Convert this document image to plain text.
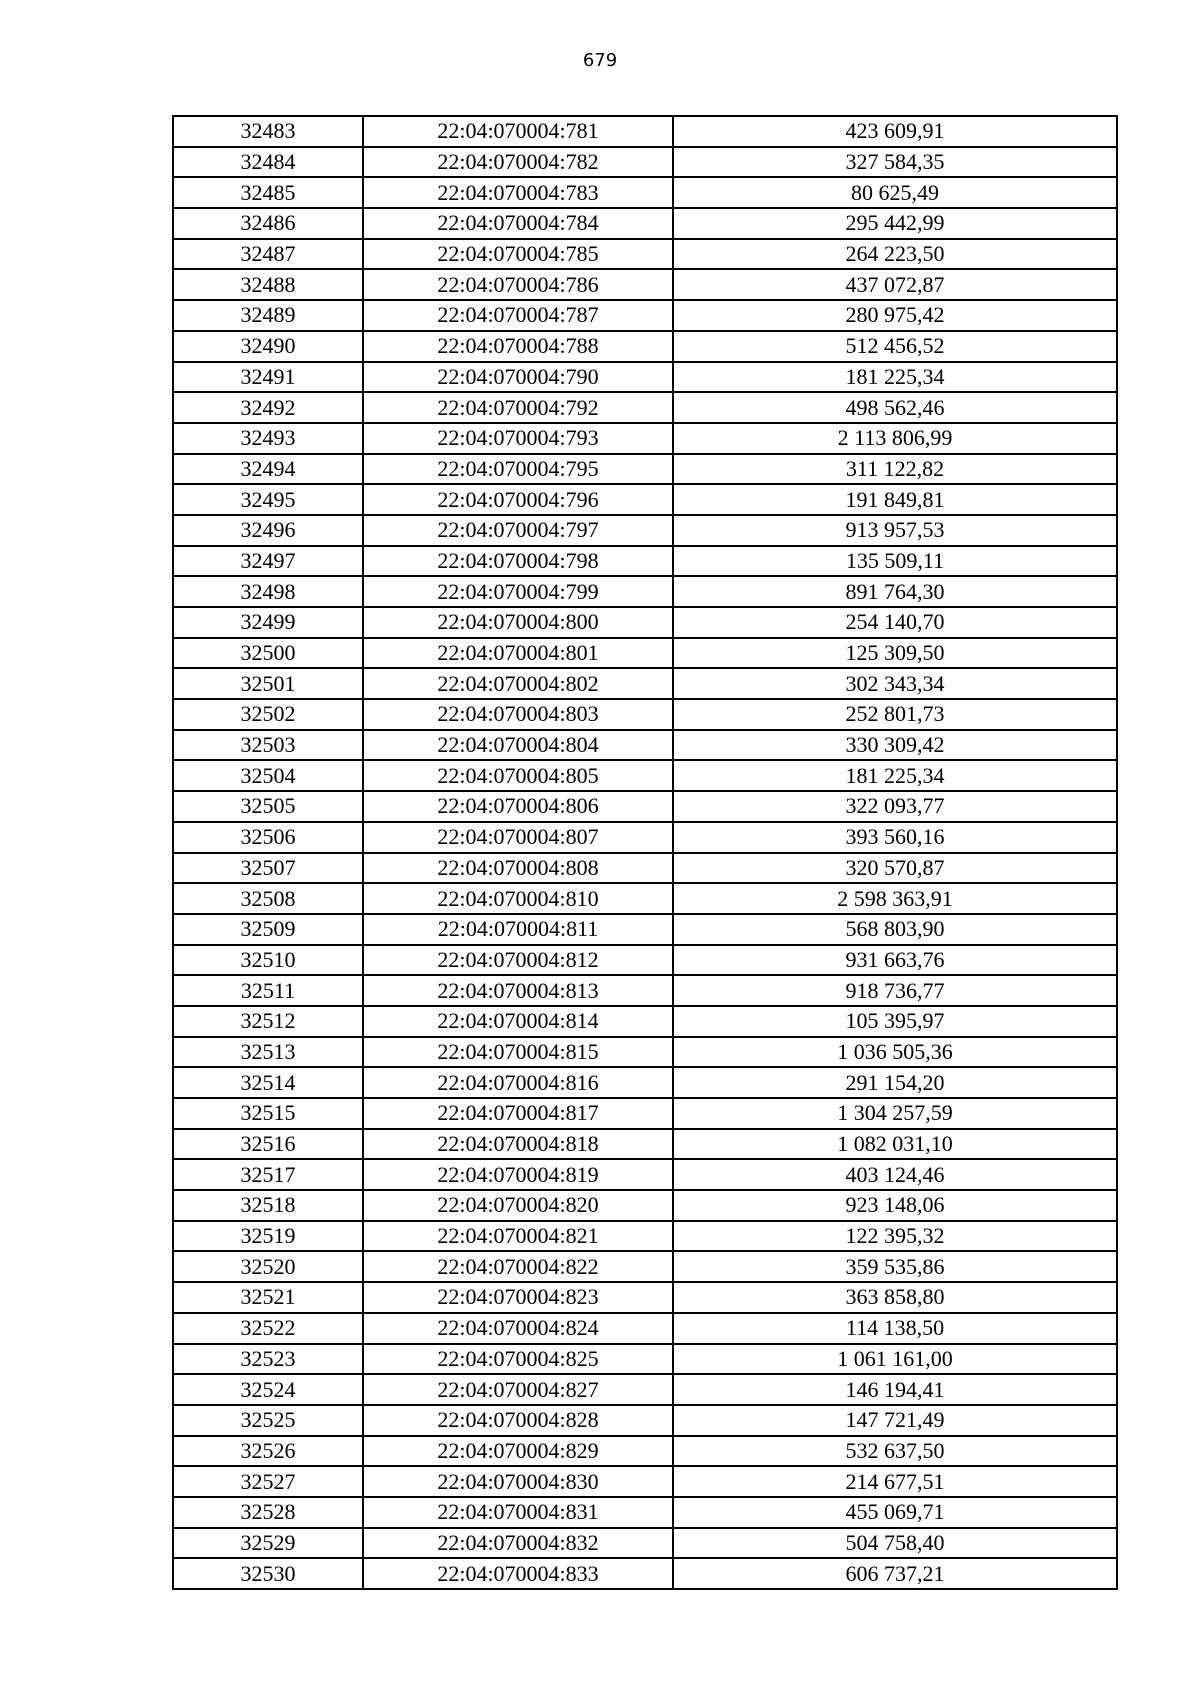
679
32483	22:04:070004:781	423 609,91
32484	22:04:070004:782	327 584,35
32485	22:04:070004:783	80 625,49
32486	22:04:070004:784	295 442,99
32487	22:04:070004:785	264 223,50
32488	22:04:070004:786	437 072,87
32489	22:04:070004:787	280 975,42
32490	22:04:070004:788	512 456,52
32491	22:04:070004:790	181 225,34
32492	22:04:070004:792	498 562,46
32493	22:04:070004:793	2 113 806,99
32494	22:04:070004:795	311 122,82
32495	22:04:070004:796	191 849,81
32496	22:04:070004:797	913 957,53
32497	22:04:070004:798	135 509,11
32498	22:04:070004:799	891 764,30
32499	22:04:070004:800	254 140,70
32500	22:04:070004:801	125 309,50
32501	22:04:070004:802	302 343,34
32502	22:04:070004:803	252 801,73
32503	22:04:070004:804	330 309,42
32504	22:04:070004:805	181 225,34
32505	22:04:070004:806	322 093,77
32506	22:04:070004:807	393 560,16
32507	22:04:070004:808	320 570,87
32508	22:04:070004:810	2 598 363,91
32509	22:04:070004:811	568 803,90
32510	22:04:070004:812	931 663,76
32511	22:04:070004:813	918 736,77
32512	22:04:070004:814	105 395,97
32513	22:04:070004:815	1 036 505,36
32514	22:04:070004:816	291 154,20
32515	22:04:070004:817	1 304 257,59
32516	22:04:070004:818	1 082 031,10
32517	22:04:070004:819	403 124,46
32518	22:04:070004:820	923 148,06
32519	22:04:070004:821	122 395,32
32520	22:04:070004:822	359 535,86
32521	22:04:070004:823	363 858,80
32522	22:04:070004:824	114 138,50
32523	22:04:070004:825	1 061 161,00
32524	22:04:070004:827	146 194,41
32525	22:04:070004:828	147 721,49
32526	22:04:070004:829	532 637,50
32527	22:04:070004:830	214 677,51
32528	22:04:070004:831	455 069,71
32529	22:04:070004:832	504 758,40
32530	22:04:070004:833	606 737,21
